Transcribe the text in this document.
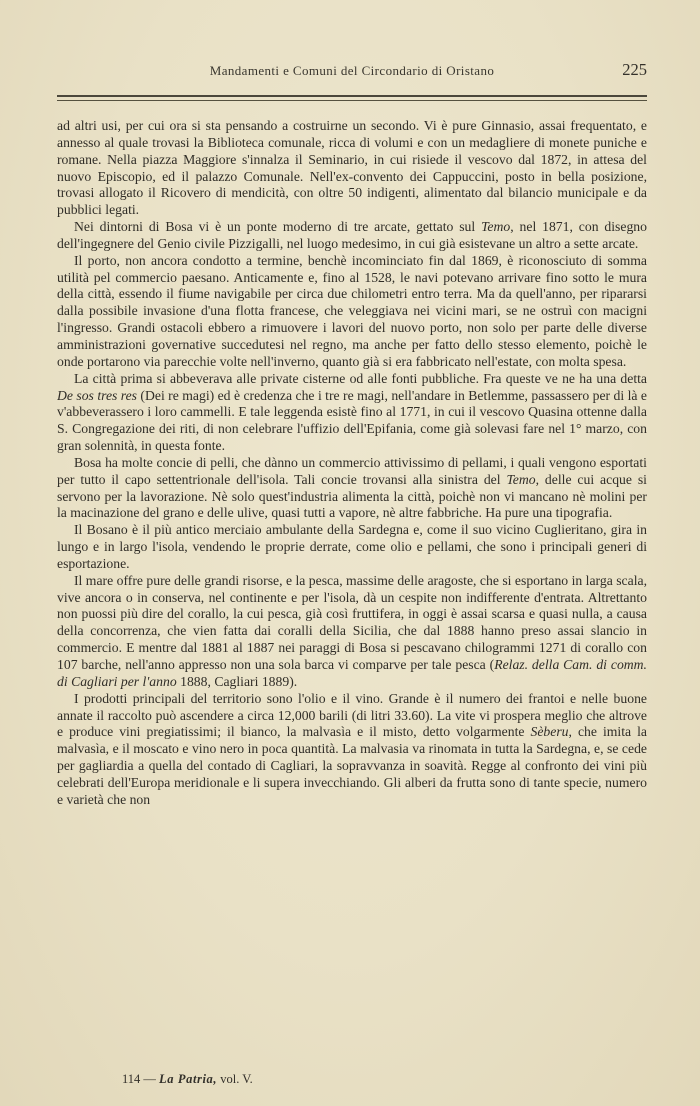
Mandamenti e Comuni del Circondario di Oristano	225

ad altri usi, per cui ora si sta pensando a costruirne un secondo. Vi è pure Ginnasio, assai frequentato, e annesso al quale trovasi la Biblioteca comunale, ricca di volumi e con un medagliere di monete puniche e romane. Nella piazza Maggiore s'innalza il Seminario, in cui risiede il vescovo dal 1872, in attesa del nuovo Episcopio, ed il palazzo Comunale. Nell'ex-convento dei Cappuccini, posto in bella posizione, trovasi allogato il Ricovero di mendicità, con oltre 50 indigenti, alimentato dal bilancio municipale e da pubblici legati.

Nei dintorni di Bosa vi è un ponte moderno di tre arcate, gettato sul Temo, nel 1871, con disegno dell'ingegnere del Genio civile Pizzigalli, nel luogo medesimo, in cui già esistevane un altro a sette arcate.

Il porto, non ancora condotto a termine, benchè incominciato fin dal 1869, è riconosciuto di somma utilità pel commercio paesano. Anticamente e, fino al 1528, le navi potevano arrivare fino sotto le mura della città, essendo il fiume navigabile per circa due chilometri entro terra. Ma da quell'anno, per ripararsi dalla possibile invasione d'una flotta francese, che veleggiava nei vicini mari, se ne ostruì con macigni l'ingresso. Grandi ostacoli ebbero a rimuovere i lavori del nuovo porto, non solo per parte delle diverse amministrazioni governative succedutesi nel regno, ma anche per fatto dello stesso elemento, poichè le onde portarono via parecchie volte nell'inverno, quanto già si era fabbricato nell'estate, con molta spesa.

La città prima si abbeverava alle private cisterne od alle fonti pubbliche. Fra queste ve ne ha una detta De sos tres res (Dei re magi) ed è credenza che i tre re magi, nell'andare in Betlemme, passassero per di là e v'abbeverassero i loro cammelli. E tale leggenda esistè fino al 1771, in cui il vescovo Quasina ottenne dalla S. Congregazione dei riti, di non celebrare l'uffizio dell'Epifania, come già solevasi fare nel 1° marzo, con gran solennità, in questa fonte.

Bosa ha molte concie di pelli, che dànno un commercio attivissimo di pellami, i quali vengono esportati per tutto il capo settentrionale dell'isola. Tali concie trovansi alla sinistra del Temo, delle cui acque si servono per la lavorazione. Nè solo quest'industria alimenta la città, poichè non vi mancano nè molini per la macinazione del grano e delle ulive, quasi tutti a vapore, nè altre fabbriche. Ha pure una tipografia.

Il Bosano è il più antico merciaio ambulante della Sardegna e, come il suo vicino Cuglieritano, gira in lungo e in largo l'isola, vendendo le proprie derrate, come olio e pellami, che sono i principali generi di esportazione.

Il mare offre pure delle grandi risorse, e la pesca, massime delle aragoste, che si esportano in larga scala, vive ancora o in conserva, nel continente e per l'isola, dà un cespite non indifferente d'entrata. Altrettanto non puossi più dire del corallo, la cui pesca, già così fruttifera, in oggi è assai scarsa e quasi nulla, a causa della concorrenza, che vien fatta dai coralli della Sicilia, che dal 1888 hanno preso assai slancio in commercio. E mentre dal 1881 al 1887 nei paraggi di Bosa si pescavano chilogrammi 1271 di corallo con 107 barche, nell'anno appresso non una sola barca vi comparve per tale pesca (Relaz. della Cam. di comm. di Cagliari per l'anno 1888, Cagliari 1889).

I prodotti principali del territorio sono l'olio e il vino. Grande è il numero dei frantoi e nelle buone annate il raccolto può ascendere a circa 12,000 barili (di litri 33.60). La vite vi prospera meglio che altrove e produce vini pregiatissimi; il bianco, la malvasìa e il misto, detto volgarmente Sèberu, che imita la malvasìa, e il moscato e vino nero in poca quantità. La malvasia va rinomata in tutta la Sardegna, e, se cede per gagliardia a quella del contado di Cagliari, la sopravvanza in soavità. Regge al confronto dei vini più celebrati dell'Europa meridionale e li supera invecchiando. Gli alberi da frutta sono di tante specie, numero e varietà che non

114 — La Patria, vol. V.
